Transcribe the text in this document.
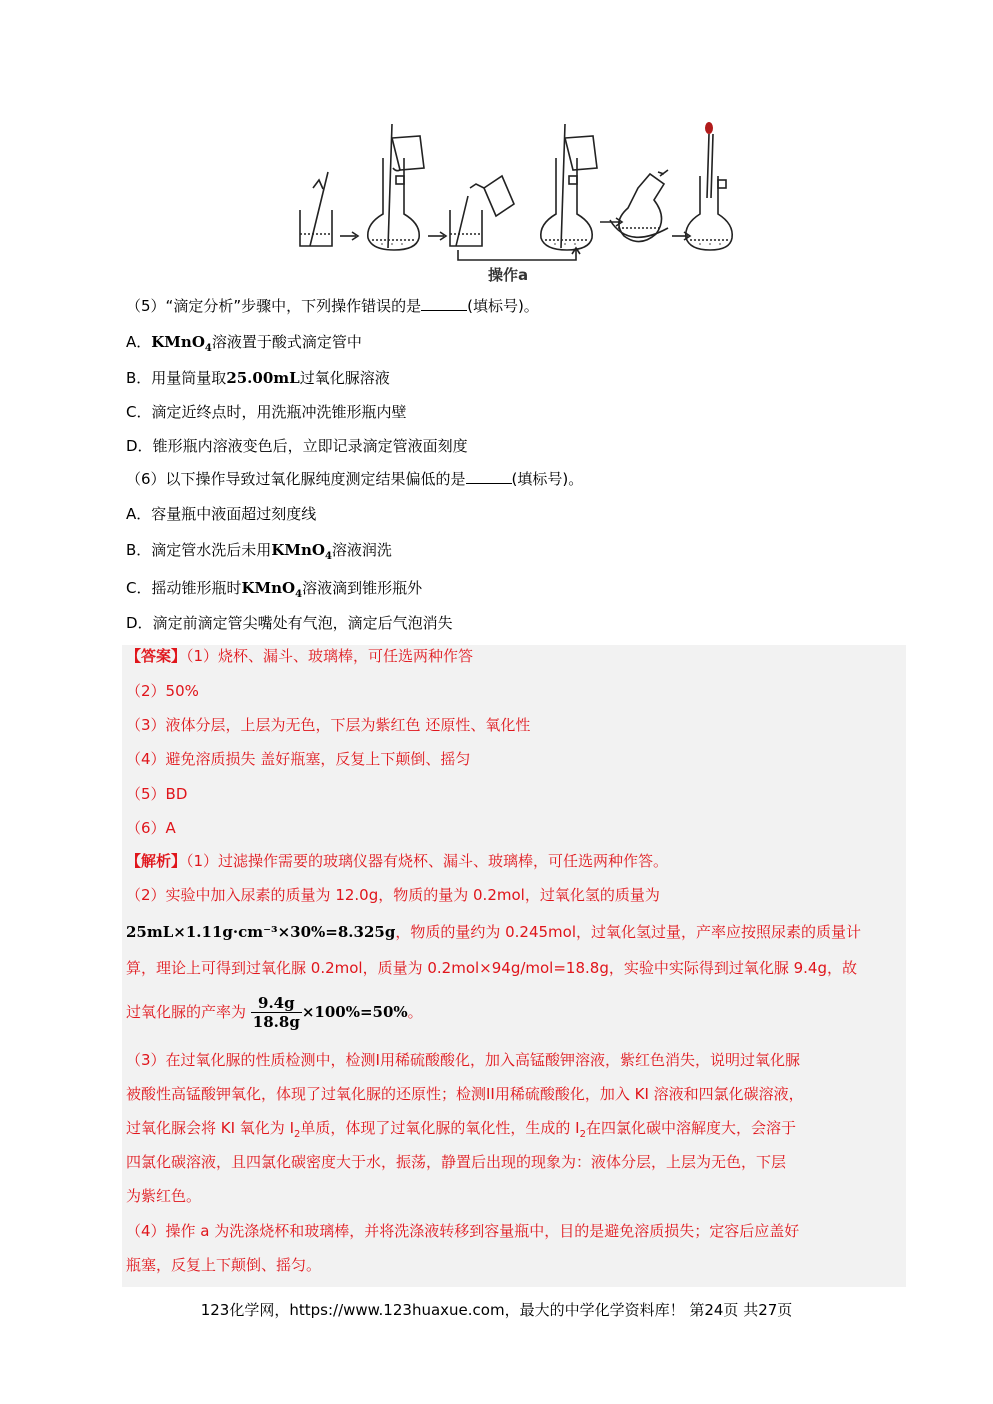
操作a
（5）“滴定分析”步骤中，下列操作错误的是	(填标号)。
A．KMnO$_4$溶液置于酸式滴定管中
B．用量筒量取25.00mL过氧化脲溶液
C．滴定近终点时，用洗瓶冲洗锥形瓶内壁
D．锥形瓶内溶液变色后，立即记录滴定管液面刻度
（6）以下操作导致过氧化脲纯度测定结果偏低的是	(填标号)。
A．容量瓶中液面超过刻度线
B．滴定管水洗后未用KMnO$_4$溶液润洗
C．摇动锥形瓶时KMnO$_4$溶液滴到锥形瓶外
D．滴定前滴定管尖嘴处有气泡，滴定后气泡消失
【答案】（1）烧杯、漏斗、玻璃棒，可任选两种作答
（2）50%
（3）液体分层，上层为无色，下层为紫红色 还原性、氧化性
（4）避免溶质损失 盖好瓶塞，反复上下颠倒、摇匀
（5）BD
（6）A
【解析】（1）过滤操作需要的玻璃仪器有烧杯、漏斗、玻璃棒，可任选两种作答。
（2）实验中加入尿素的质量为 12.0g，物质的量为 0.2mol，过氧化氢的质量为
25mL×1.11g·cm⁻³×30%=8.325g，物质的量约为 0.245mol，过氧化氢过量，产率应按照尿素的质量计
算，理论上可得到过氧化脲 0.2mol，质量为 0.2mol×94g/mol=18.8g，实验中实际得到过氧化脲 9.4g，故
过氧化脲的产率为 $\frac{9.4g}{18.8g} \times 100\%=50\%$。
（3）在过氧化脲的性质检测中，检测I用稀硫酸酸化，加入高锰酸钾溶液，紫红色消失，说明过氧化脲
被酸性高锰酸钾氧化，体现了过氧化脲的还原性；检测II用稀硫酸酸化，加入 KI 溶液和四氯化碳溶液，
过氧化脲会将 KI 氧化为 $I_2$单质，体现了过氧化脲的氧化性，生成的 $I_2$在四氯化碳中溶解度大，会溶于
四氯化碳溶液，且四氯化碳密度大于水，振荡，静置后出现的现象为：液体分层，上层为无色，下层
为紫红色。
（4）操作 a 为洗涤烧杯和玻璃棒，并将洗涤液转移到容量瓶中，目的是避免溶质损失；定容后应盖好
瓶塞，反复上下颠倒、摇匀。
123化学网，https://www.123huaxue.com，最大的中学化学资料库！ 第24页 共27页
